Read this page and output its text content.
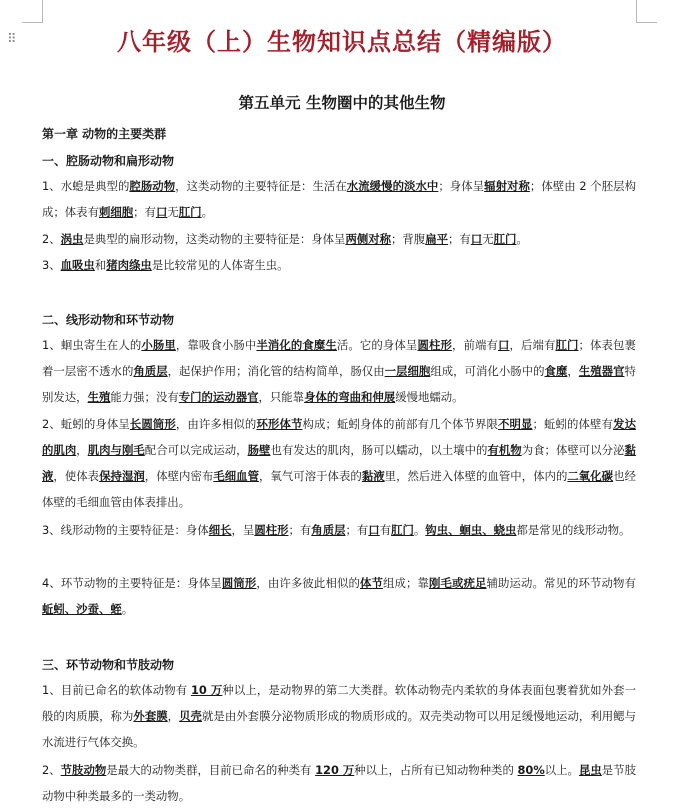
⠿	八年级（上）生物知识点总结（精编版）
第五单元 生物圈中的其他生物
第一章 动物的主要类群
一、腔肠动物和扁形动物

1、水螅是典型的腔肠动物，这类动物的主要特征是：生活在水流缓慢的淡水中；身体呈辐射对称；体壁由 2 个胚层构成；体表有刺细胞；有口无肛门。

2、涡虫是典型的扁形动物，这类动物的主要特征是：身体呈两侧对称；背腹扁平；有口无肛门。

3、血吸虫和猪肉绦虫是比较常见的人体寄生虫。

二、线形动物和环节动物

1、蛔虫寄生在人的小肠里，靠吸食小肠中半消化的食糜生活。它的身体呈圆柱形，前端有口，后端有肛门；体表包裹着一层密不透水的角质层，起保护作用；消化管的结构简单，肠仅由一层细胞组成，可消化小肠中的食糜，生殖器官特别发达，生殖能力强；没有专门的运动器官，只能靠身体的弯曲和伸展缓慢地蠕动。

2、蚯蚓的身体呈长圆筒形，由许多相似的环形体节构成；蚯蚓身体的前部有几个体节界限不明显；蚯蚓的体壁有发达的肌肉，肌肉与刚毛配合可以完成运动，肠壁也有发达的肌肉，肠可以蠕动，以土壤中的有机物为食；体壁可以分泌黏液，使体表保持湿润，体壁内密布毛细血管，氧气可溶于体表的黏液里，然后进入体壁的血管中，体内的二氧化碳也经体壁的毛细血管由体表排出。

3、线形动物的主要特征是：身体细长，呈圆柱形；有角质层；有口有肛门。钩虫、蛔虫、蛲虫都是常见的线形动物。

4、环节动物的主要特征是：身体呈圆筒形，由许多彼此相似的体节组成；靠刚毛或疣足辅助运动。常见的环节动物有蚯蚓、沙蚕、蛭。

三、环节动物和节肢动物

1、目前已命名的软体动物有 10 万种以上，是动物界的第二大类群。软体动物壳内柔软的身体表面包裹着犹如外套一般的肉质膜，称为外套膜，贝壳就是由外套膜分泌物质形成的物质形成的。双壳类动物可以用足缓慢地运动，利用鳃与水流进行气体交换。

2、节肢动物是最大的动物类群，目前已命名的种类有 120 万种以上，占所有已知动物种类的 80%以上。昆虫是节肢动物中种类最多的一类动物。
